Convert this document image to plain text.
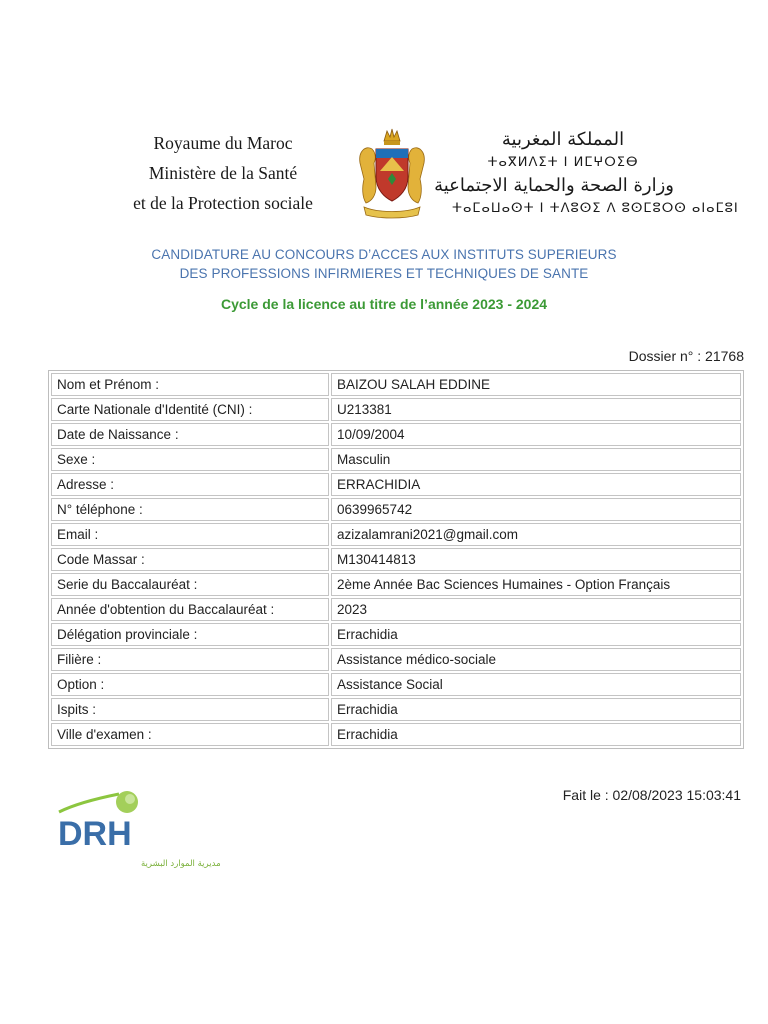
Royaume du Maroc
Ministère de la Santé
et de la Protection sociale
المملكة المغربية
ⵜⴰⴳⵍⴷⵉⵜ ⵏ ⵍⵎⵖⵔⵉⴱ
وزارة الصحة والحماية الاجتماعية
ⵜⴰⵎⴰⵡⴰⵙⵜ ⵏ ⵜⴷⵓⵙⵉ ⴷ ⵓⵙⵎⵓⵔⵙ ⴰⵏⴰⵎⵓⵏ
CANDIDATURE AU CONCOURS D’ACCES AUX INSTITUTS SUPERIEURS
DES PROFESSIONS INFIRMIERES ET TECHNIQUES DE SANTE
Cycle de la licence au titre de l’année 2023 - 2024
Dossier n° : 21768
Nom et Prénom :	BAIZOU SALAH EDDINE
Carte Nationale d'Identité (CNI) :	U213381
Date de Naissance :	10/09/2004
Sexe :	Masculin
Adresse :	ERRACHIDIA
N° téléphone :	0639965742
Email :	azizalamrani2021@gmail.com
Code Massar :	M130414813
Serie du Baccalauréat :	2ème Année Bac Sciences Humaines - Option Français
Année d'obtention du Baccalauréat :	2023
Délégation provinciale :	Errachidia
Filière :	Assistance médico-sociale
Option :	Assistance Social
Ispits :	Errachidia
Ville d'examen :	Errachidia
Fait le : 02/08/2023 15:03:41
DRH
مديرية الموارد البشرية
